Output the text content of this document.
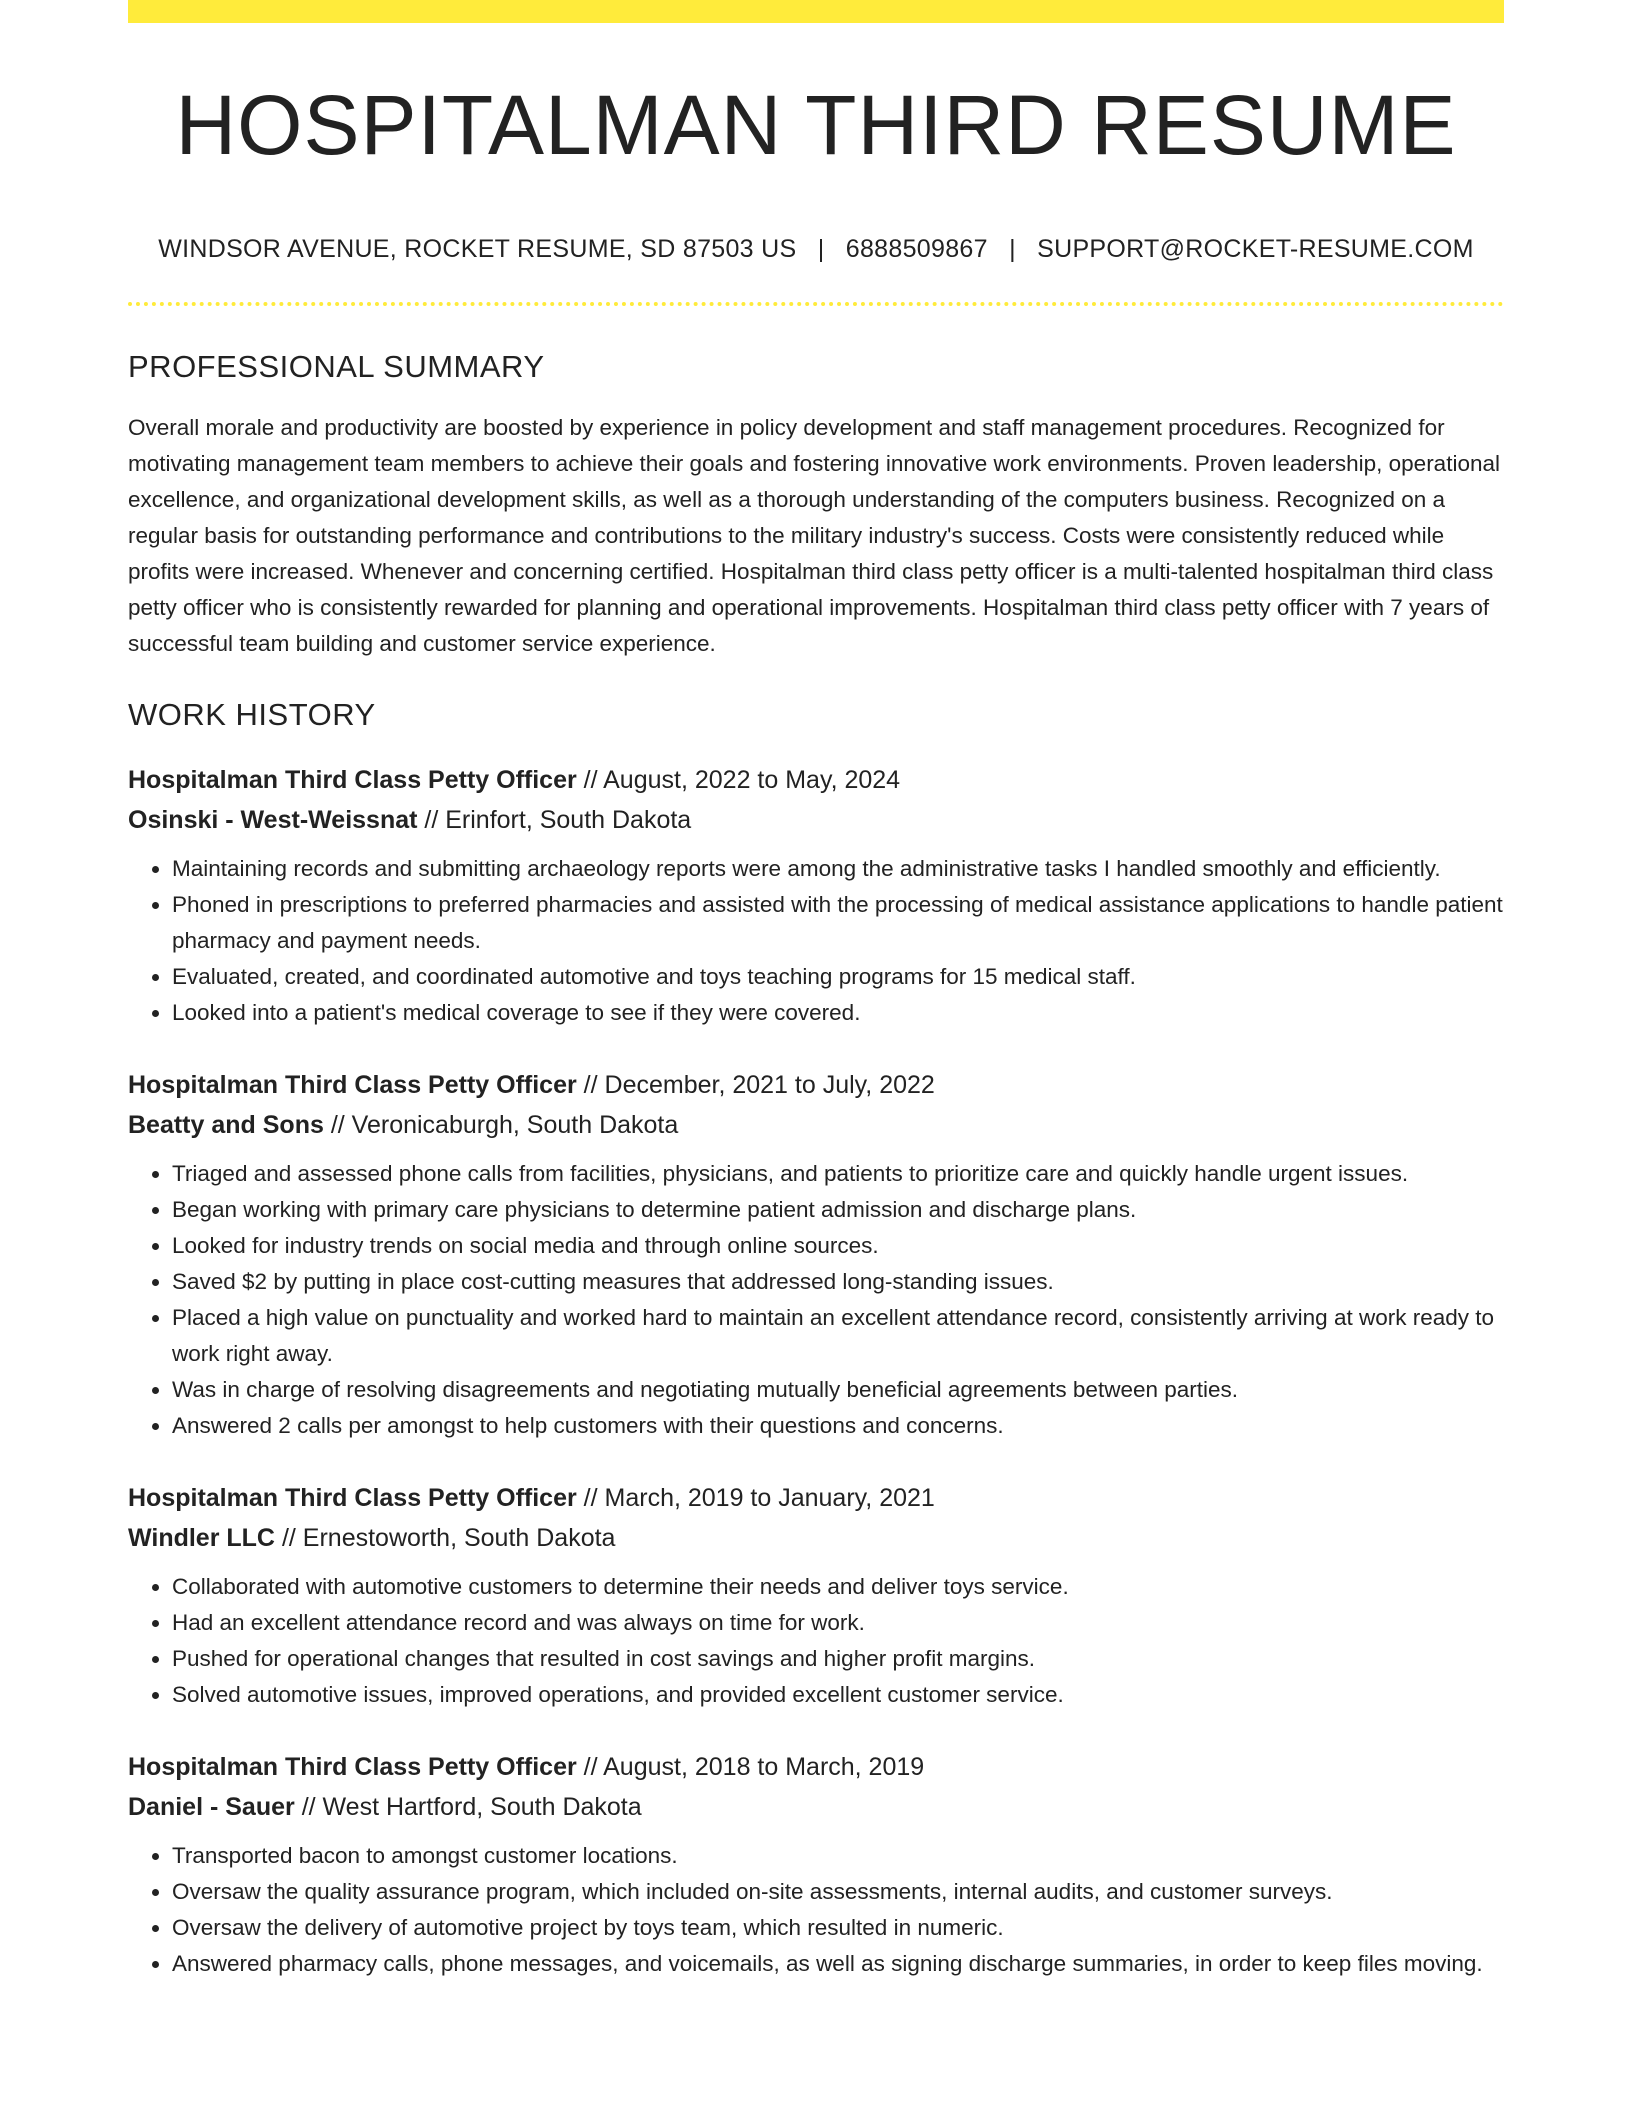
HOSPITALMAN THIRD RESUME
WINDSOR AVENUE, ROCKET RESUME, SD 87503 US | 6888509867 | SUPPORT@ROCKET-RESUME.COM
PROFESSIONAL SUMMARY

Overall morale and productivity are boosted by experience in policy development and staff management procedures. Recognized for motivating management team members to achieve their goals and fostering innovative work environments. Proven leadership, operational excellence, and organizational development skills, as well as a thorough understanding of the computers business. Recognized on a regular basis for outstanding performance and contributions to the military industry's success. Costs were consistently reduced while profits were increased. Whenever and concerning certified. Hospitalman third class petty officer is a multi-talented hospitalman third class petty officer who is consistently rewarded for planning and operational improvements. Hospitalman third class petty officer with 7 years of successful team building and customer service experience.

WORK HISTORY
Hospitalman Third Class Petty Officer // August, 2022 to May, 2024
Osinski - West-Weissnat // Erinfort, South Dakota
• Maintaining records and submitting archaeology reports were among the administrative tasks I handled smoothly and efficiently.
• Phoned in prescriptions to preferred pharmacies and assisted with the processing of medical assistance applications to handle patient pharmacy and payment needs.
• Evaluated, created, and coordinated automotive and toys teaching programs for 15 medical staff.
• Looked into a patient's medical coverage to see if they were covered.
Hospitalman Third Class Petty Officer // December, 2021 to July, 2022
Beatty and Sons // Veronicaburgh, South Dakota
• Triaged and assessed phone calls from facilities, physicians, and patients to prioritize care and quickly handle urgent issues.
• Began working with primary care physicians to determine patient admission and discharge plans.
• Looked for industry trends on social media and through online sources.
• Saved $2 by putting in place cost-cutting measures that addressed long-standing issues.
• Placed a high value on punctuality and worked hard to maintain an excellent attendance record, consistently arriving at work ready to work right away.
• Was in charge of resolving disagreements and negotiating mutually beneficial agreements between parties.
• Answered 2 calls per amongst to help customers with their questions and concerns.
Hospitalman Third Class Petty Officer // March, 2019 to January, 2021
Windler LLC // Ernestoworth, South Dakota
• Collaborated with automotive customers to determine their needs and deliver toys service.
• Had an excellent attendance record and was always on time for work.
• Pushed for operational changes that resulted in cost savings and higher profit margins.
• Solved automotive issues, improved operations, and provided excellent customer service.
Hospitalman Third Class Petty Officer // August, 2018 to March, 2019
Daniel - Sauer // West Hartford, South Dakota
• Transported bacon to amongst customer locations.
• Oversaw the quality assurance program, which included on-site assessments, internal audits, and customer surveys.
• Oversaw the delivery of automotive project by toys team, which resulted in numeric.
• Answered pharmacy calls, phone messages, and voicemails, as well as signing discharge summaries, in order to keep files moving.
